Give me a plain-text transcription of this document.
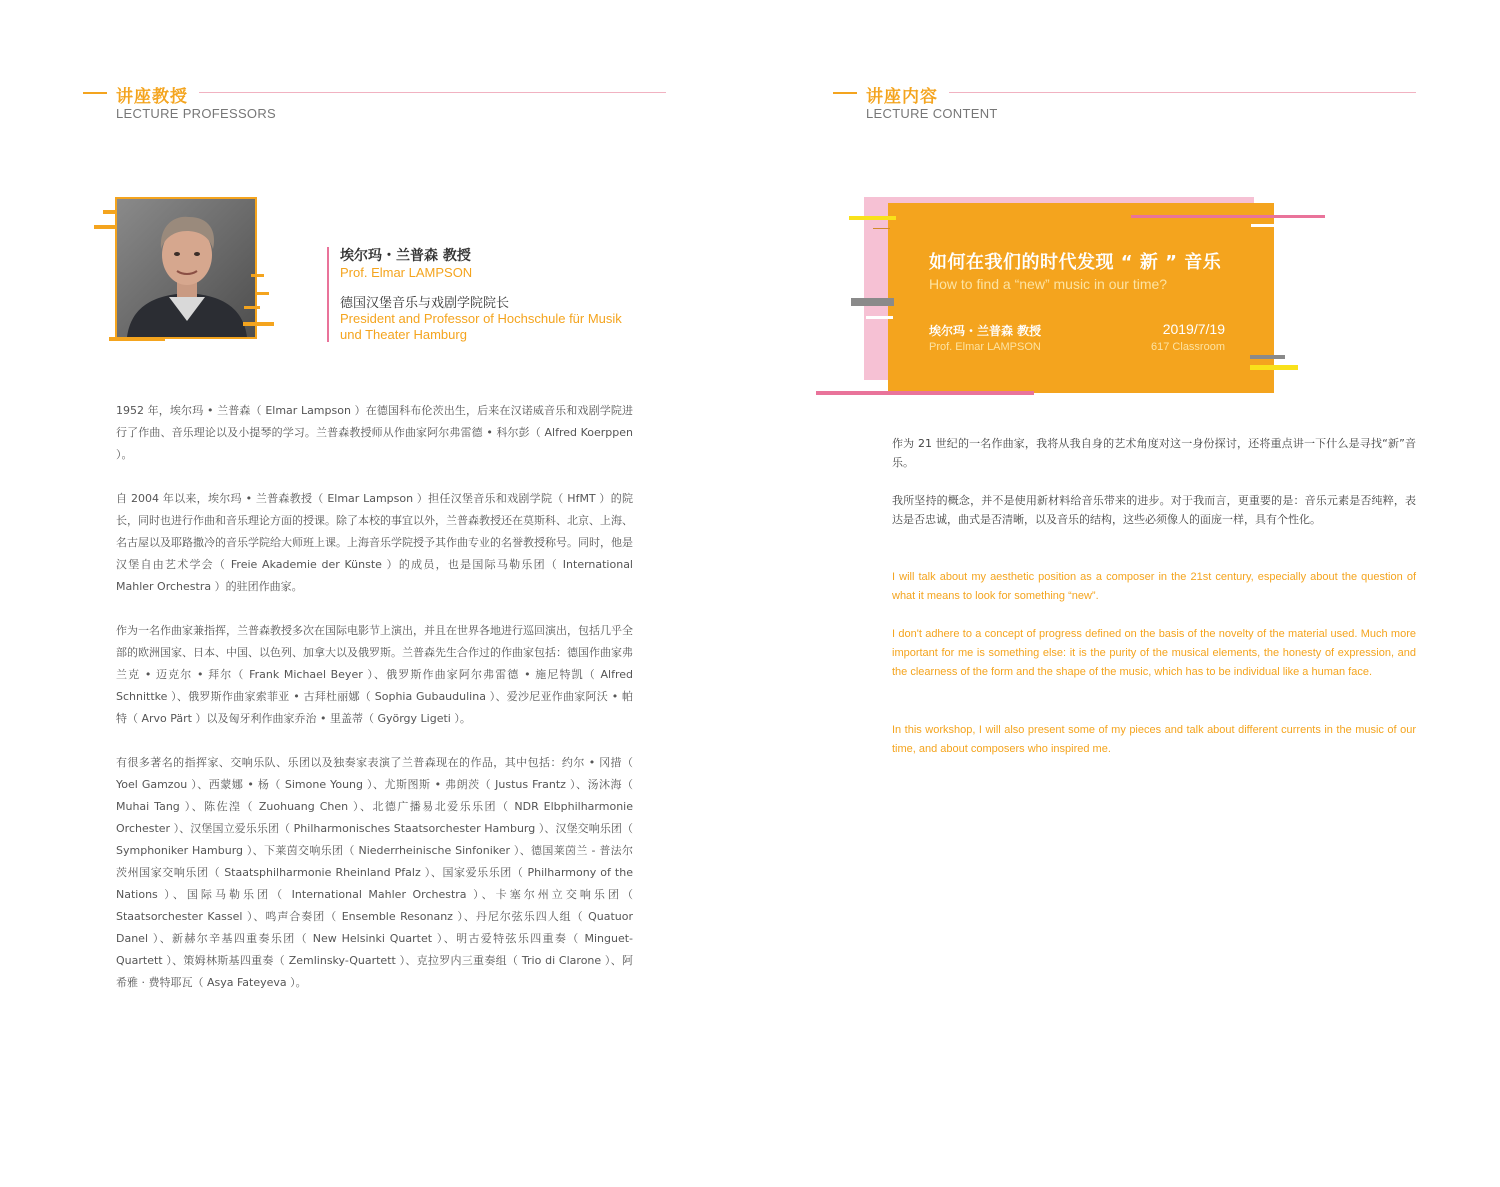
讲座教授
LECTURE PROFESSORS
埃尔玛・兰普森 教授
Prof. Elmar LAMPSON
德国汉堡音乐与戏剧学院院长
President and Professor of Hochschule für Musik
und Theater Hamburg

1952 年，埃尔玛 • 兰普森（ Elmar Lampson ）在德国科布伦茨出生，后来在汉诺威音乐和戏剧学院进行了作曲、音乐理论以及小提琴的学习。兰普森教授师从作曲家阿尔弗雷德 • 科尔彭（ Alfred Koerppen ）。

自 2004 年以来，埃尔玛 • 兰普森教授（ Elmar Lampson ）担任汉堡音乐和戏剧学院（ HfMT ）的院长，同时也进行作曲和音乐理论方面的授课。除了本校的事宜以外，兰普森教授还在莫斯科、北京、上海、名古屋以及耶路撒冷的音乐学院给大师班上课。上海音乐学院授予其作曲专业的名誉教授称号。同时，他是汉堡自由艺术学会（ Freie Akademie der Künste ）的成员，也是国际马勒乐团（ International Mahler Orchestra ）的驻团作曲家。

作为一名作曲家兼指挥，兰普森教授多次在国际电影节上演出，并且在世界各地进行巡回演出，包括几乎全部的欧洲国家、日本、中国、以色列、加拿大以及俄罗斯。兰普森先生合作过的作曲家包括：德国作曲家弗兰克 • 迈克尔 • 拜尔（ Frank Michael Beyer ）、俄罗斯作曲家阿尔弗雷德 • 施尼特凯（ Alfred Schnittke ）、俄罗斯作曲家索菲亚 • 古拜杜丽娜（ Sophia Gubaudulina ）、爱沙尼亚作曲家阿沃 • 帕特（ Arvo Pärt ）以及匈牙利作曲家乔治 • 里盖蒂（ György Ligeti ）。

有很多著名的指挥家、交响乐队、乐团以及独奏家表演了兰普森现在的作品，其中包括：约尔 • 冈措（ Yoel Gamzou ）、西蒙娜 • 杨（ Simone Young ）、尤斯图斯 • 弗朗茨（ Justus Frantz ）、汤沐海（ Muhai Tang ）、陈佐湟（ Zuohuang Chen ）、北德广播易北爱乐乐团（ NDR Elbphilharmonie Orchester ）、汉堡国立爱乐乐团（ Philharmonisches Staatsorchester Hamburg ）、汉堡交响乐团（ Symphoniker Hamburg ）、下莱茵交响乐团（ Niederrheinische Sinfoniker ）、德国莱茵兰 - 普法尔茨州国家交响乐团（ Staatsphilharmonie Rheinland Pfalz ）、国家爱乐乐团（ Philharmony of the Nations ）、国际马勒乐团（ International Mahler Orchestra ）、卡塞尔州立交响乐团（ Staatsorchester Kassel ）、鸣声合奏团（ Ensemble Resonanz ）、丹尼尔弦乐四人组（ Quatuor Danel ）、新赫尔辛基四重奏乐团（ New Helsinki Quartet ）、明古爱特弦乐四重奏（ Minguet-Quartett ）、策姆林斯基四重奏（ Zemlinsky-Quartett ）、克拉罗内三重奏组（ Trio di Clarone ）、阿希雅 · 费特耶瓦（ Asya Fateyeva ）。

讲座内容
LECTURE CONTENT
如何在我们的时代发现 “ 新 ” 音乐
How to find a “new” music in our time?
埃尔玛・兰普森 教授
Prof. Elmar LAMPSON
2019/7/19
617 Classroom

作为 21 世纪的一名作曲家，我将从我自身的艺术角度对这一身份探讨，还将重点讲一下什么是寻找“新”音乐。

我所坚持的概念，并不是使用新材料给音乐带来的进步。对于我而言，更重要的是：音乐元素是否纯粹，表达是否忠诚，曲式是否清晰，以及音乐的结构，这些必须像人的面庞一样，具有个性化。

I will talk about my aesthetic position as a composer in the 21st century, especially about the question of what it means to look for something “new”.

I don't adhere to a concept of progress defined on the basis of the novelty of the material used. Much more important for me is something else: it is the purity of the musical elements, the honesty of expression, and the clearness of the form and the shape of the music, which has to be individual like a human face.

In this workshop, I will also present some of my pieces and talk about different currents in the music of our time, and about composers who inspired me.
